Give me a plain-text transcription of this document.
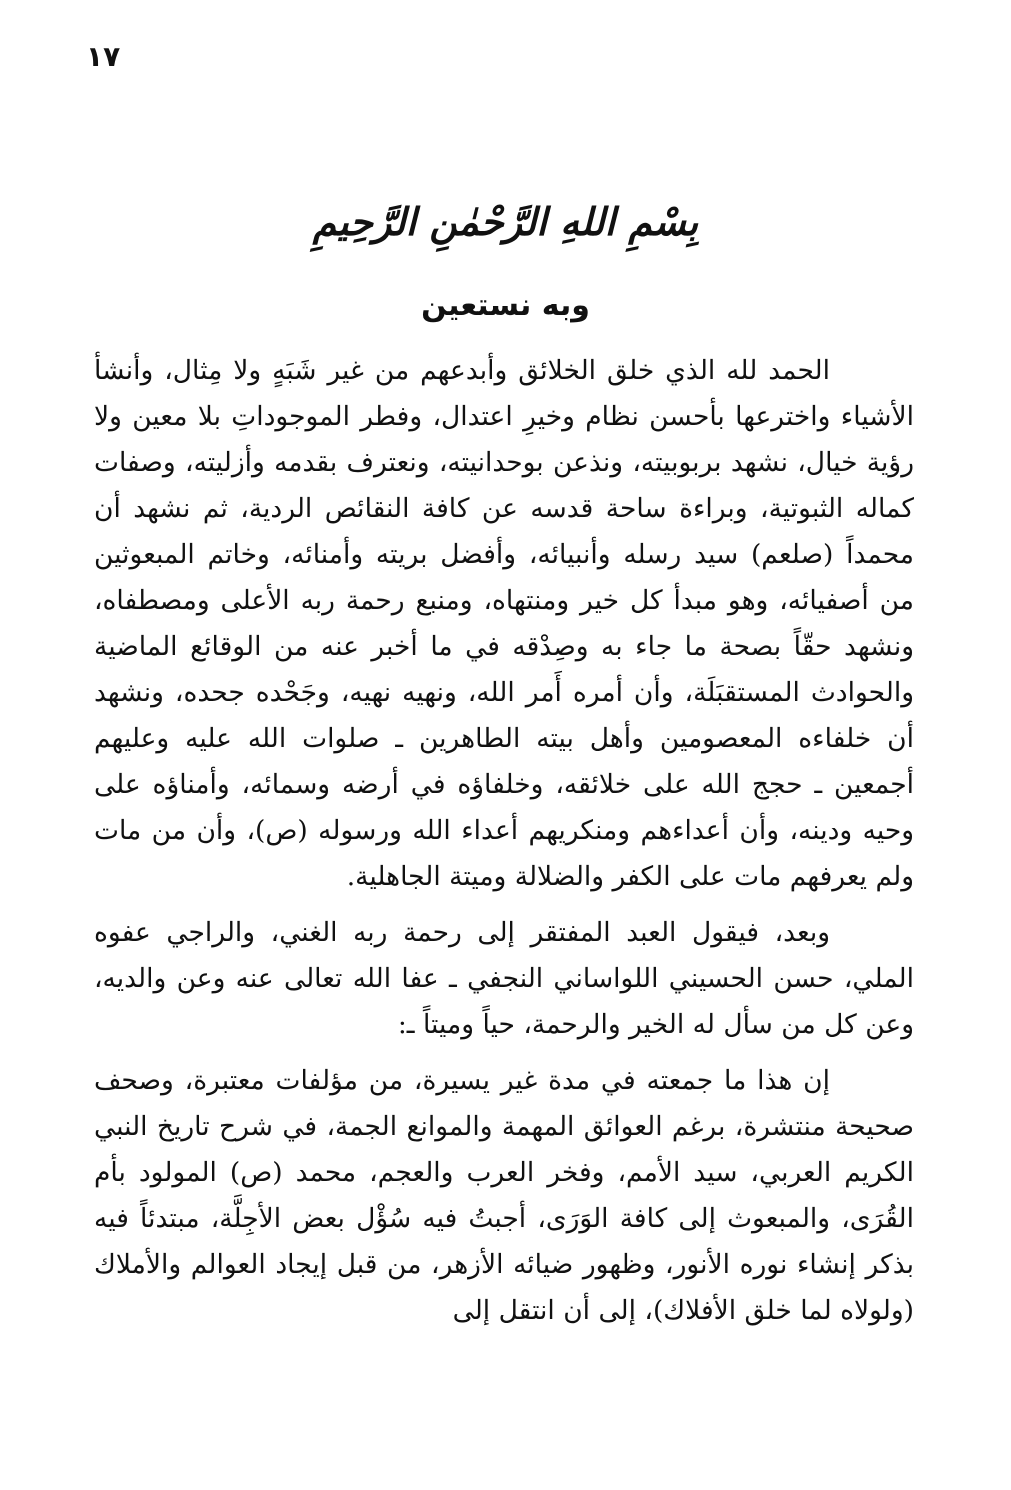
١٧
بِسْمِ اللهِ الرَّحْمٰنِ الرَّحِيمِ
وبه نستعين

الحمد لله الذي خلق الخلائق وأبدعهم من غير شَبَهٍ ولا مِثال، وأنشأ الأشياء واخترعها بأحسن نظام وخيرِ اعتدال، وفطر الموجوداتِ بلا معين ولا رؤية خيال، نشهد بربوبيته، ونذعن بوحدانيته، ونعترف بقدمه وأزليته، وصفات كماله الثبوتية، وبراءة ساحة قدسه عن كافة النقائص الردية، ثم نشهد أن محمداً (صلعم) سيد رسله وأنبيائه، وأفضل بريته وأمنائه، وخاتم المبعوثين من أصفيائه، وهو مبدأ كل خير ومنتهاه، ومنبع رحمة ربه الأعلى ومصطفاه، ونشهد حقّاً بصحة ما جاء به وصِدْقه في ما أخبر عنه من الوقائع الماضية والحوادث المستقبَلَة، وأن أمره أَمر الله، ونهيه نهيه، وجَحْده جحده، ونشهد أن خلفاءه المعصومين وأهل بيته الطاهرين ـ صلوات الله عليه وعليهم أجمعين ـ حجج الله على خلائقه، وخلفاؤه في أرضه وسمائه، وأمناؤه على وحيه ودينه، وأن أعداءهم ومنكريهم أعداء الله ورسوله (ص)، وأن من مات ولم يعرفهم مات على الكفر والضلالة وميتة الجاهلية.

وبعد، فيقول العبد المفتقر إلى رحمة ربه الغني، والراجي عفوه الملي، حسن الحسيني اللواساني النجفي ـ عفا الله تعالى عنه وعن والديه، وعن كل من سأل له الخير والرحمة، حياً وميتاً ـ:

إن هذا ما جمعته في مدة غير يسيرة، من مؤلفات معتبرة، وصحف صحيحة منتشرة، برغم العوائق المهمة والموانع الجمة، في شرح تاريخ النبي الكريم العربي، سيد الأمم، وفخر العرب والعجم، محمد (ص) المولود بأم القُرَى، والمبعوث إلى كافة الوَرَى، أجبتُ فيه سُؤْل بعض الأجِلَّة، مبتدئاً فيه بذكر إنشاء نوره الأنور، وظهور ضيائه الأزهر، من قبل إيجاد العوالم والأملاك (ولولاه لما خلق الأفلاك)، إلى أن انتقل إلى
